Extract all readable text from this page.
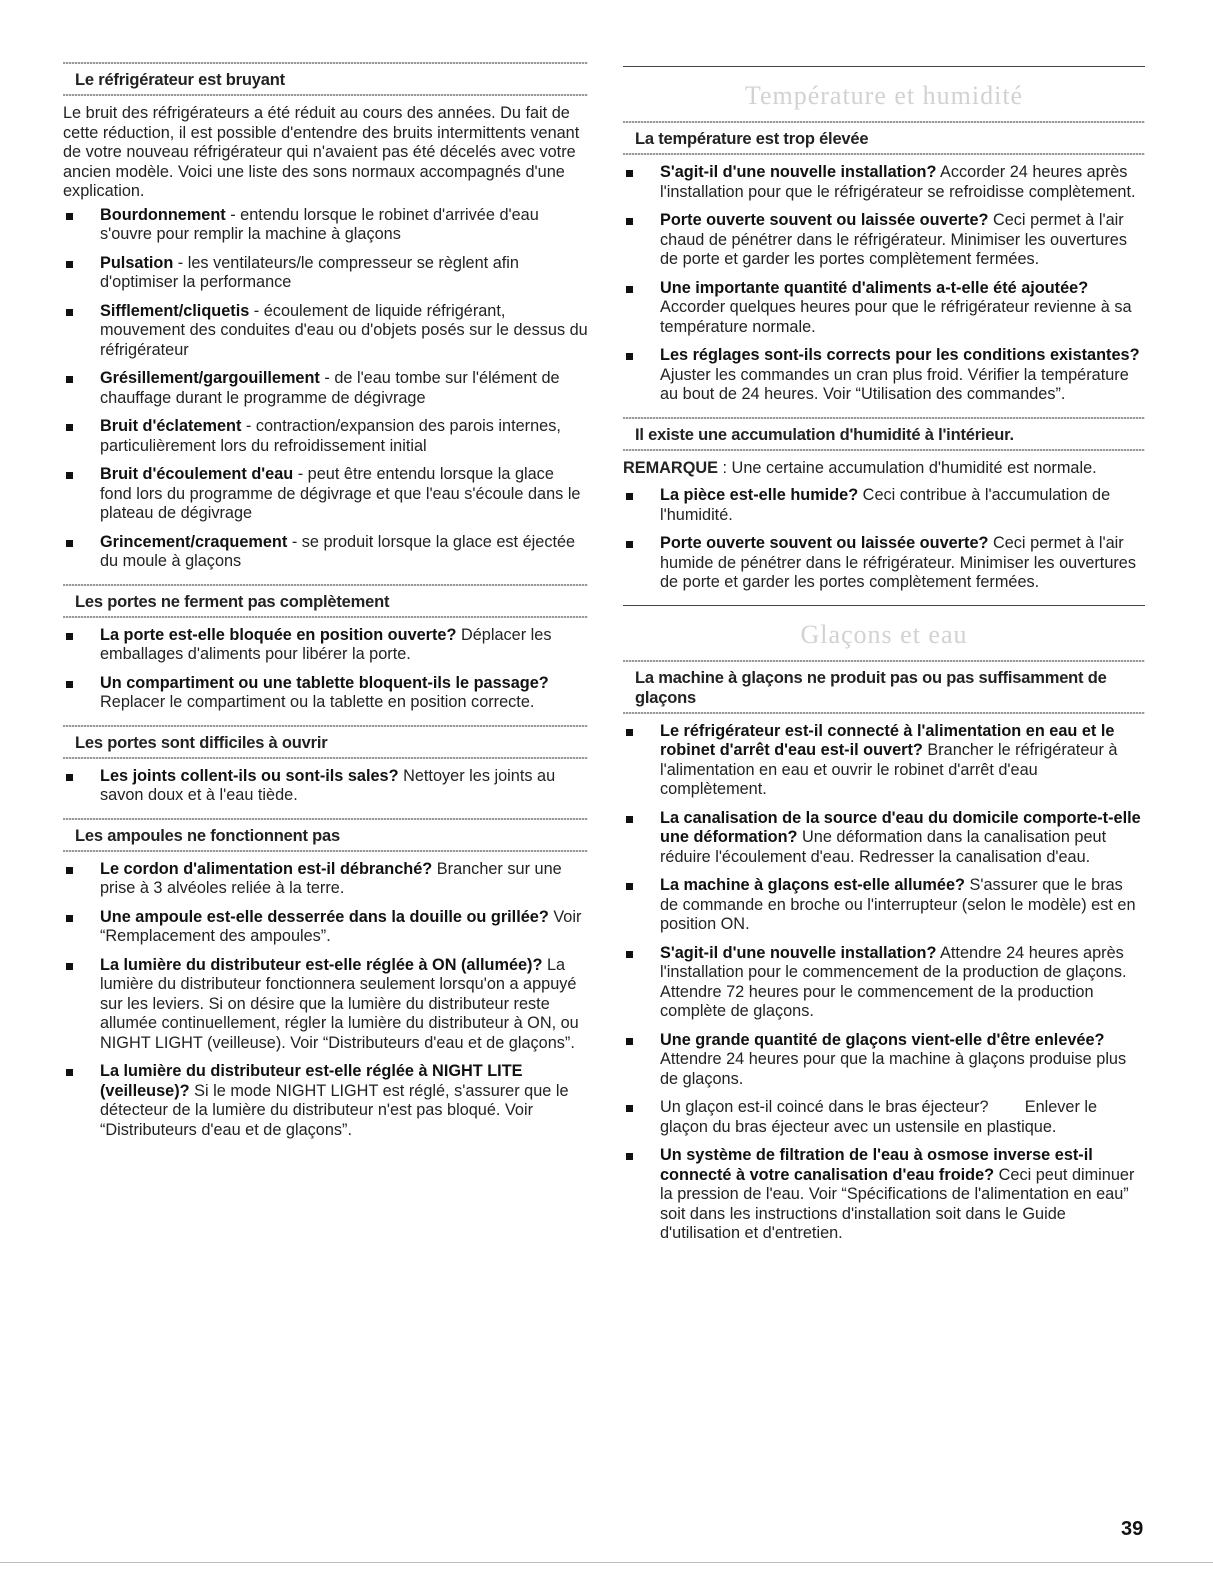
Le réfrigérateur est bruyant

Le bruit des réfrigérateurs a été réduit au cours des années. Du fait de cette réduction, il est possible d'entendre des bruits intermittents venant de votre nouveau réfrigérateur qui n'avaient pas été décelés avec votre ancien modèle. Voici une liste des sons normaux accompagnés d'une explication.

Bourdonnement - entendu lorsque le robinet d'arrivée d'eau s'ouvre pour remplir la machine à glaçons
Pulsation - les ventilateurs/le compresseur se règlent afin d'optimiser la performance
Sifflement/cliquetis - écoulement de liquide réfrigérant, mouvement des conduites d'eau ou d'objets posés sur le dessus du réfrigérateur
Grésillement/gargouillement - de l'eau tombe sur l'élément de chauffage durant le programme de dégivrage
Bruit d'éclatement - contraction/expansion des parois internes, particulièrement lors du refroidissement initial
Bruit d'écoulement d'eau - peut être entendu lorsque la glace fond lors du programme de dégivrage et que l'eau s'écoule dans le plateau de dégivrage
Grincement/craquement - se produit lorsque la glace est éjectée du moule à glaçons
Les portes ne ferment pas complètement
La porte est-elle bloquée en position ouverte? Déplacer les emballages d'aliments pour libérer la porte.
Un compartiment ou une tablette bloquent-ils le passage? Replacer le compartiment ou la tablette en position correcte.
Les portes sont difficiles à ouvrir
Les joints collent-ils ou sont-ils sales? Nettoyer les joints au savon doux et à l'eau tiède.
Les ampoules ne fonctionnent pas
Le cordon d'alimentation est-il débranché? Brancher sur une prise à 3 alvéoles reliée à la terre.
Une ampoule est-elle desserrée dans la douille ou grillée? Voir “Remplacement des ampoules”.
La lumière du distributeur est-elle réglée à ON (allumée)? La lumière du distributeur fonctionnera seulement lorsqu'on a appuyé sur les leviers. Si on désire que la lumière du distributeur reste allumée continuellement, régler la lumière du distributeur à ON, ou NIGHT LIGHT (veilleuse). Voir “Distributeurs d'eau et de glaçons”.
La lumière du distributeur est-elle réglée à NIGHT LITE (veilleuse)? Si le mode NIGHT LIGHT est réglé, s'assurer que le détecteur de la lumière du distributeur n'est pas bloqué. Voir “Distributeurs d'eau et de glaçons”.
Température et humidité
La température est trop élevée
S'agit-il d'une nouvelle installation? Accorder 24 heures après l'installation pour que le réfrigérateur se refroidisse complètement.
Porte ouverte souvent ou laissée ouverte? Ceci permet à l'air chaud de pénétrer dans le réfrigérateur. Minimiser les ouvertures de porte et garder les portes complètement fermées.
Une importante quantité d'aliments a-t-elle été ajoutée? Accorder quelques heures pour que le réfrigérateur revienne à sa température normale.
Les réglages sont-ils corrects pour les conditions existantes? Ajuster les commandes un cran plus froid. Vérifier la température au bout de 24 heures. Voir “Utilisation des commandes”.
Il existe une accumulation d'humidité à l'intérieur.

REMARQUE : Une certaine accumulation d'humidité est normale.

La pièce est-elle humide? Ceci contribue à l'accumulation de l'humidité.
Porte ouverte souvent ou laissée ouverte? Ceci permet à l'air humide de pénétrer dans le réfrigérateur. Minimiser les ouvertures de porte et garder les portes complètement fermées.
Glaçons et eau
La machine à glaçons ne produit pas ou pas suffisamment de glaçons
Le réfrigérateur est-il connecté à l'alimentation en eau et le robinet d'arrêt d'eau est-il ouvert? Brancher le réfrigérateur à l'alimentation en eau et ouvrir le robinet d'arrêt d'eau complètement.
La canalisation de la source d'eau du domicile comporte-t-elle une déformation? Une déformation dans la canalisation peut réduire l'écoulement d'eau. Redresser la canalisation d'eau.
La machine à glaçons est-elle allumée? S'assurer que le bras de commande en broche ou l'interrupteur (selon le modèle) est en position ON.
S'agit-il d'une nouvelle installation? Attendre 24 heures après l'installation pour le commencement de la production de glaçons. Attendre 72 heures pour le commencement de la production complète de glaçons.
Une grande quantité de glaçons vient-elle d'être enlevée? Attendre 24 heures pour que la machine à glaçons produise plus de glaçons.
Un glaçon est-il coincé dans le bras éjecteur?        Enlever le glaçon du bras éjecteur avec un ustensile en plastique.
Un système de filtration de l'eau à osmose inverse est-il connecté à votre canalisation d'eau froide? Ceci peut diminuer la pression de l'eau. Voir “Spécifications de l'alimentation en eau” soit dans les instructions d'installation soit dans le Guide d'utilisation et d'entretien.
39
